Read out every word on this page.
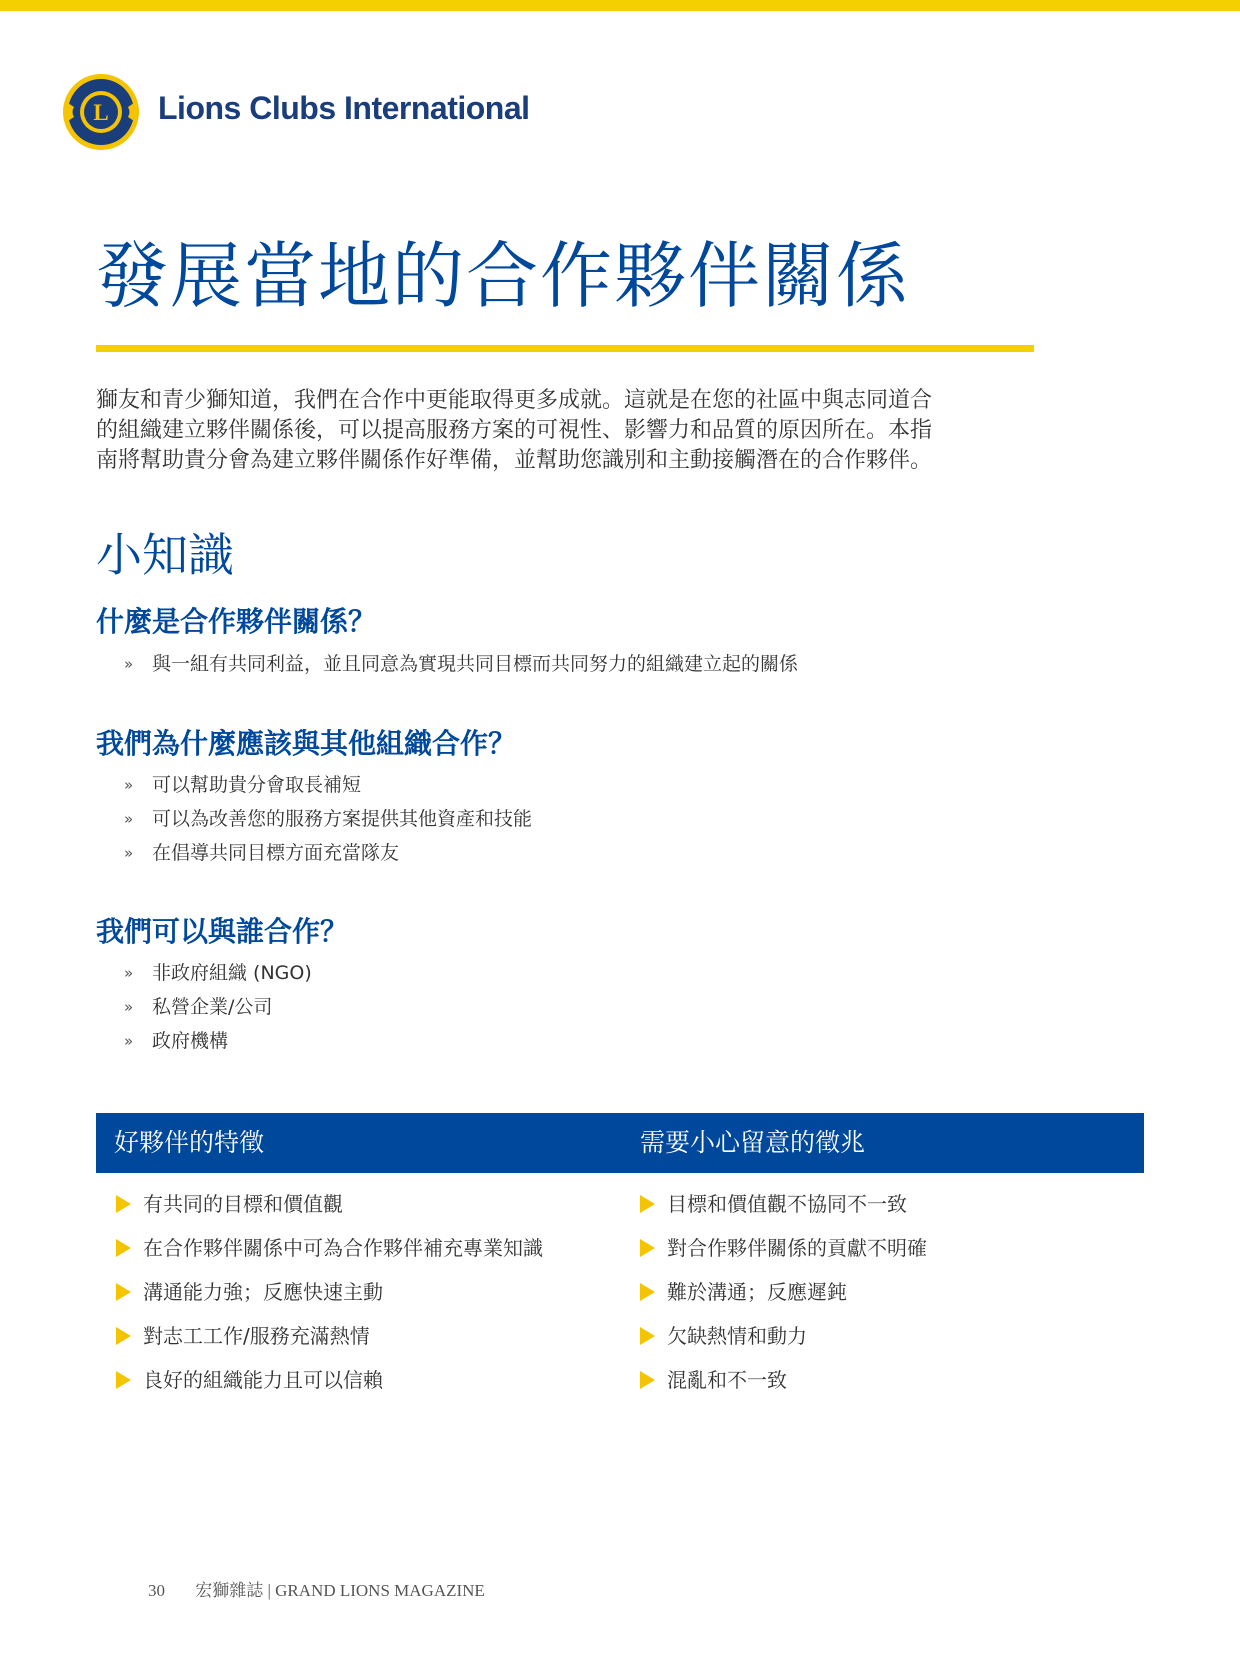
L Lions Clubs International
發展當地的合作夥伴關係

獅友和青少獅知道，我們在合作中更能取得更多成就。這就是在您的社區中與志同道合

的組織建立夥伴關係後，可以提高服務方案的可視性、影響力和品質的原因所在。本指

南將幫助貴分會為建立夥伴關係作好準備，並幫助您識別和主動接觸潛在的合作夥伴。

小知識
什麼是合作夥伴關係？
» 與一組有共同利益，並且同意為實現共同目標而共同努力的組織建立起的關係
我們為什麼應該與其他組織合作？
» 可以幫助貴分會取長補短
» 可以為改善您的服務方案提供其他資產和技能
» 在倡導共同目標方面充當隊友
我們可以與誰合作？
» 非政府組織 (NGO)
» 私營企業/公司
» 政府機構
好夥伴的特徵	需要小心留意的徵兆
有共同的目標和價值觀
在合作夥伴關係中可為合作夥伴補充專業知識
溝通能力強；反應快速主動
對志工工作/服務充滿熱情
良好的組織能力且可以信賴
目標和價值觀不協同不一致
對合作夥伴關係的貢獻不明確
難於溝通；反應遲鈍
欠缺熱情和動力
混亂和不一致
30 宏獅雜誌 | GRAND LIONS MAGAZINE
